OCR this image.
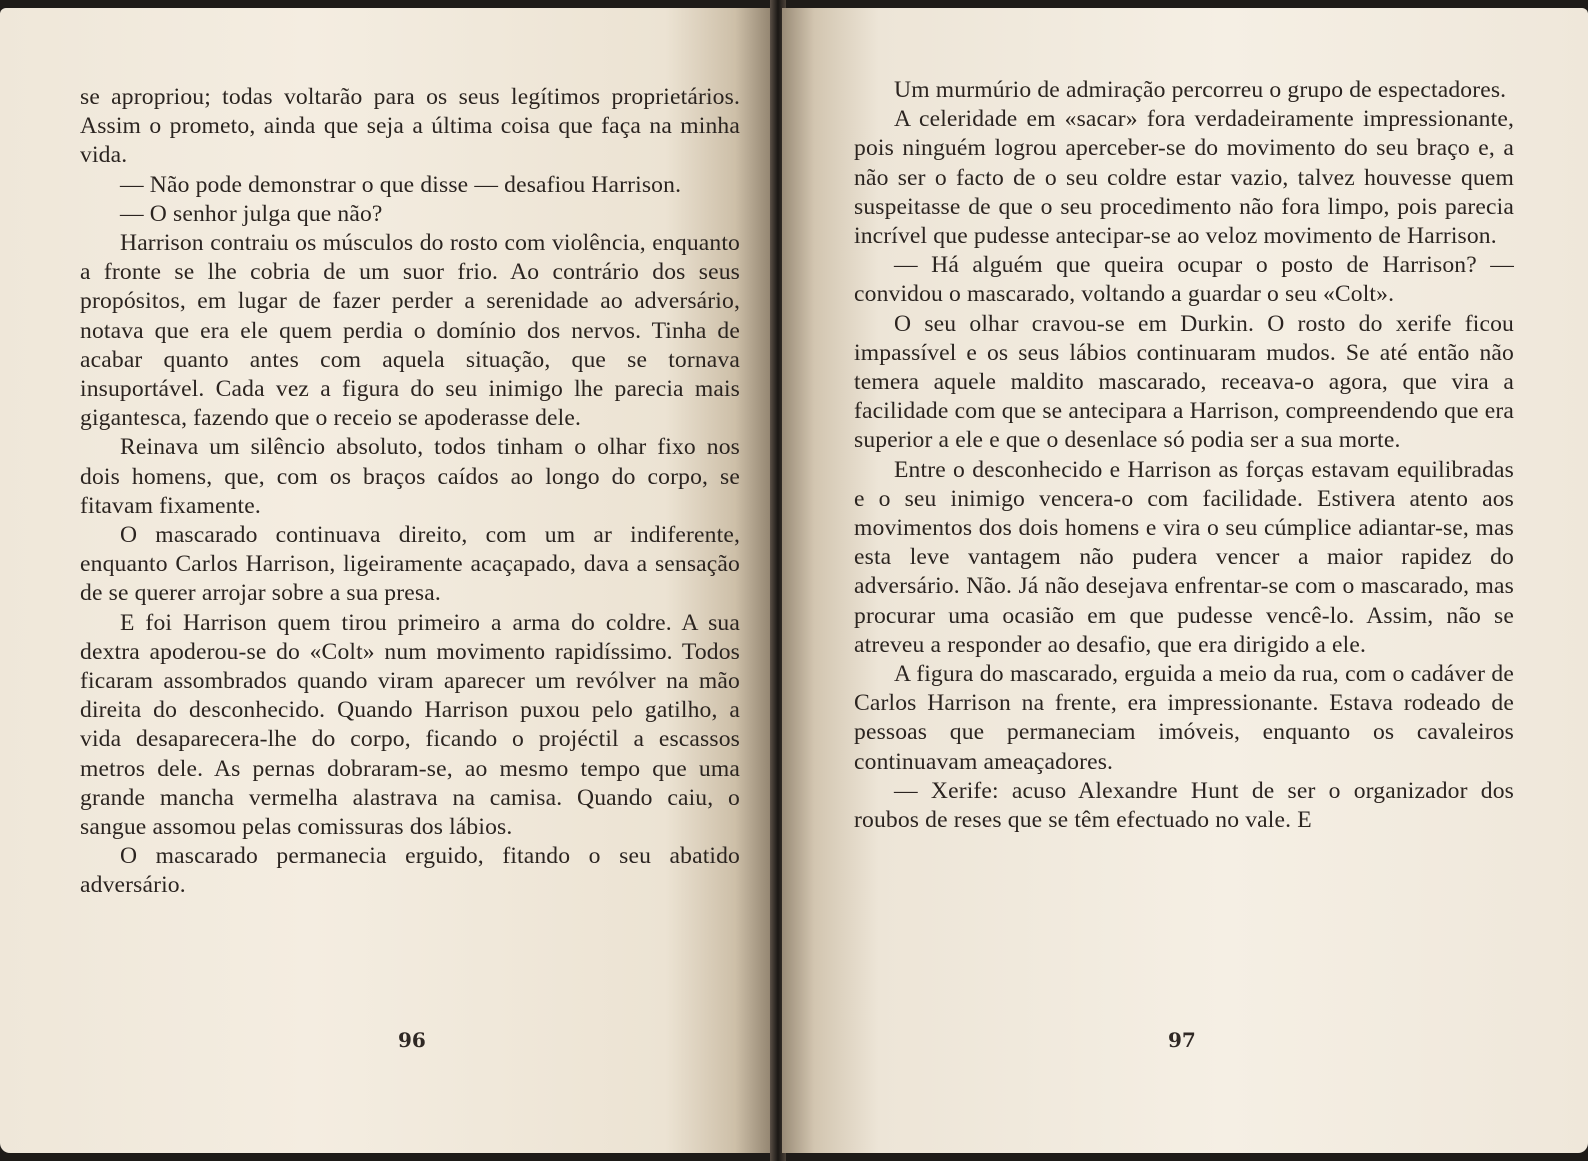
se apropriou; todas voltarão para os seus legítimos proprietários. Assim o prometo, ainda que seja a última coisa que faça na minha vida.

— Não pode demonstrar o que disse — desafiou Harrison.

— O senhor julga que não?

Harrison contraiu os músculos do rosto com violência, enquanto a fronte se lhe cobria de um suor frio. Ao contrário dos seus propósitos, em lugar de fazer perder a serenidade ao adversário, notava que era ele quem perdia o domínio dos nervos. Tinha de acabar quanto antes com aquela situação, que se tornava insuportável. Cada vez a figura do seu inimigo lhe parecia mais gigantesca, fazendo que o receio se apoderasse dele.

Reinava um silêncio absoluto, todos tinham o olhar fixo nos dois homens, que, com os braços caídos ao longo do corpo, se fitavam fixamente.

O mascarado continuava direito, com um ar indiferente, enquanto Carlos Harrison, ligeiramente acaçapado, dava a sensação de se querer arrojar sobre a sua presa.

E foi Harrison quem tirou primeiro a arma do coldre. A sua dextra apoderou-se do «Colt» num movimento rapidíssimo. Todos ficaram assombrados quando viram aparecer um revólver na mão direita do desconhecido. Quando Harrison puxou pelo gatilho, a vida desaparecera-lhe do corpo, ficando o projéctil a escassos metros dele. As pernas dobraram-se, ao mesmo tempo que uma grande mancha vermelha alastrava na camisa. Quando caiu, o sangue assomou pelas comissuras dos lábios.

O mascarado permanecia erguido, fitando o seu abatido adversário.

96

Um murmúrio de admiração percorreu o grupo de espectadores.

A celeridade em «sacar» fora verdadeiramente impressionante, pois ninguém logrou aperceber-se do movimento do seu braço e, a não ser o facto de o seu coldre estar vazio, talvez houvesse quem suspeitasse de que o seu procedimento não fora limpo, pois parecia incrível que pudesse antecipar-se ao veloz movimento de Harrison.

— Há alguém que queira ocupar o posto de Harrison? — convidou o mascarado, voltando a guardar o seu «Colt».

O seu olhar cravou-se em Durkin. O rosto do xerife ficou impassível e os seus lábios continuaram mudos. Se até então não temera aquele maldito mascarado, receava-o agora, que vira a facilidade com que se antecipara a Harrison, compreendendo que era superior a ele e que o desenlace só podia ser a sua morte.

Entre o desconhecido e Harrison as forças estavam equilibradas e o seu inimigo vencera-o com facilidade. Estivera atento aos movimentos dos dois homens e vira o seu cúmplice adiantar-se, mas esta leve vantagem não pudera vencer a maior rapidez do adversário. Não. Já não desejava enfrentar-se com o mascarado, mas procurar uma ocasião em que pudesse vencê-lo. Assim, não se atreveu a responder ao desafio, que era dirigido a ele.

A figura do mascarado, erguida a meio da rua, com o cadáver de Carlos Harrison na frente, era impressionante. Estava rodeado de pessoas que permaneciam imóveis, enquanto os cavaleiros continuavam ameaçadores.

— Xerife: acuso Alexandre Hunt de ser o organizador dos roubos de reses que se têm efectuado no vale. E

97
